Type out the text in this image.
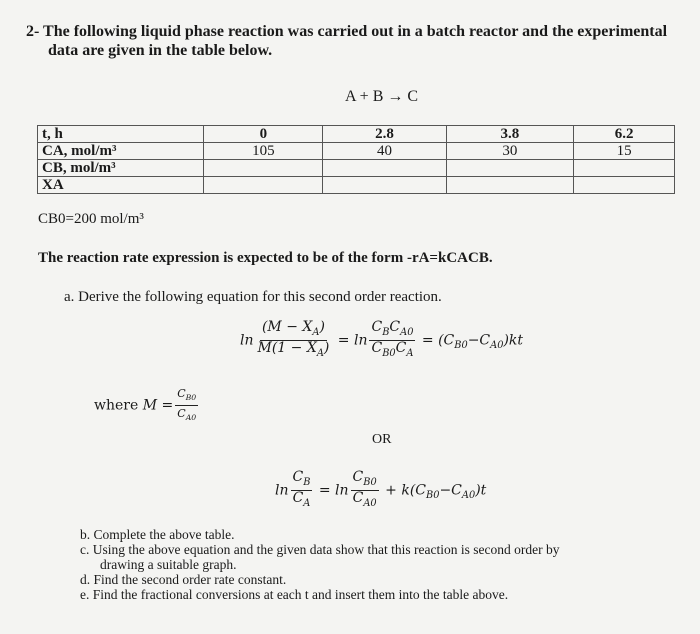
2- The following liquid phase reaction was carried out in a batch reactor and the experimental
data are given in the table below.
A + B → C
t, h	0	2.8	3.8	6.2
CA, mol/m³	105	40	30	15
CB, mol/m³				
XA				
CB0=200 mol/m³
The reaction rate expression is expected to be of the form -rA=kCACB.
a. Derive the following equation for this second order reaction.
$\ln \frac{(M - X_A)}{M(1 - X_A)} = \ln \frac{C_BC_{A0}}{C_{B0}C_A} = (C_{B0}-C_{A0})kt$
where $M = \frac{C_{B0}}{C_{A0}}$
OR
$\ln \frac{C_B}{C_A} = \ln \frac{C_{B0}}{C_{A0}} + k(C_{B0}-C_{A0})t$
b. Complete the above table.
c. Using the above equation and the given data show that this reaction is second order by
drawing a suitable graph.
d. Find the second order rate constant.
e. Find the fractional conversions at each t and insert them into the table above.
